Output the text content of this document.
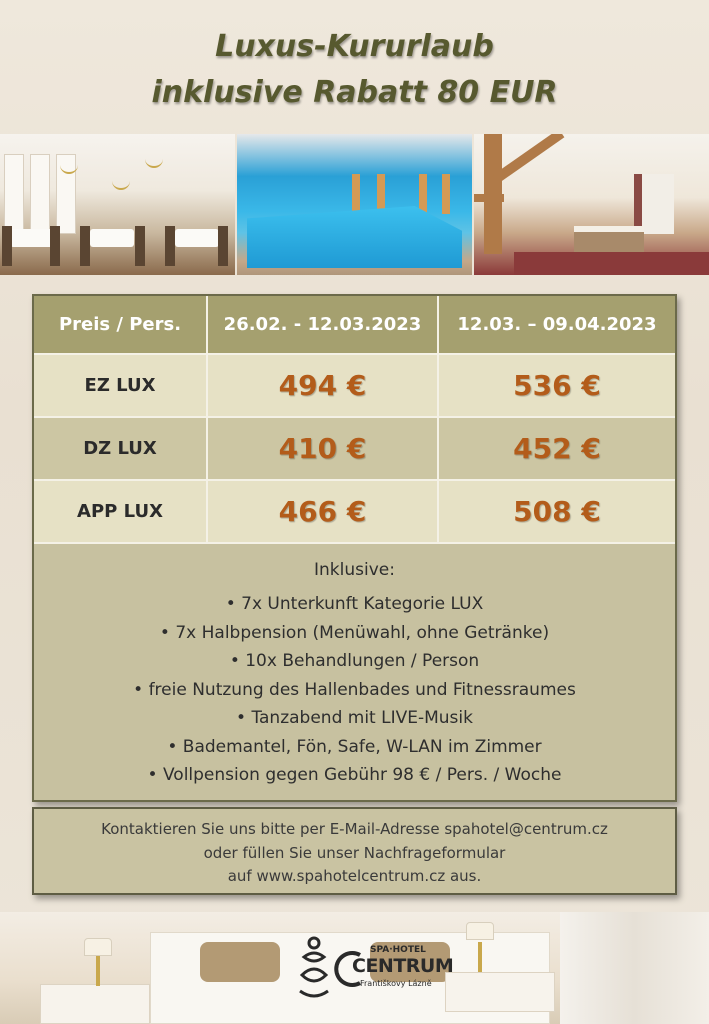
Luxus-Kururlaub
inklusive Rabatt 80 EUR
Preis / Pers.	26.02. - 12.03.2023	12.03. – 09.04.2023
EZ LUX	494 €	536 €
DZ LUX	410 €	452 €
APP LUX	466 €	508 €
Inklusive:
• 7x Unterkunft Kategorie LUX
• 7x Halbpension (Menüwahl, ohne Getränke)
• 10x Behandlungen / Person
• freie Nutzung des Hallenbades und Fitnessraumes
• Tanzabend mit LIVE-Musik
• Bademantel, Fön, Safe, W-LAN im Zimmer
• Vollpension gegen Gebühr 98 € / Pers. / Woche
Kontaktieren Sie uns bitte per E-Mail-Adresse spahotel@centrum.cz
oder füllen Sie unser Nachfrageformular
auf www.spahotelcentrum.cz aus.
SPA·HOTEL
CENTRUM
Františkovy Lázně
